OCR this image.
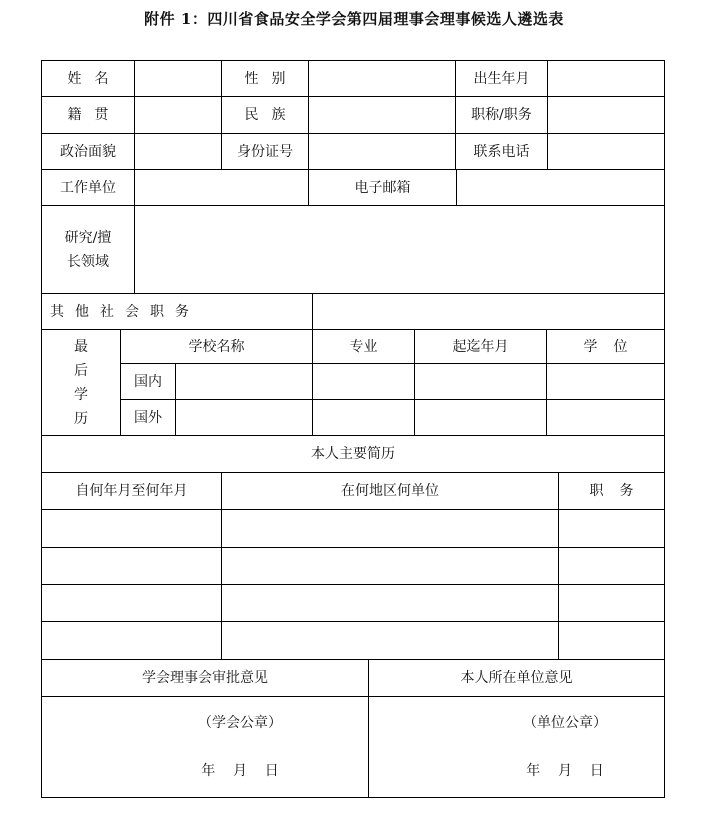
附件 1：四川省食品安全学会第四届理事会理事候选人遴选表
姓名	性别	出生年月
籍贯	民族	职称/职务
政治面貌	身份证号	联系电话
工作单位	电子邮箱
研究/擅长领域
其他社会职务
最后学历
学校名称	专业	起迄年月	学位
国内
国外
本人主要简历
自何年月至何年月	在何地区何单位	职务
学会理事会审批意见	本人所在单位意见
（学会公章）	（单位公章）
年    月    日	年    月    日
